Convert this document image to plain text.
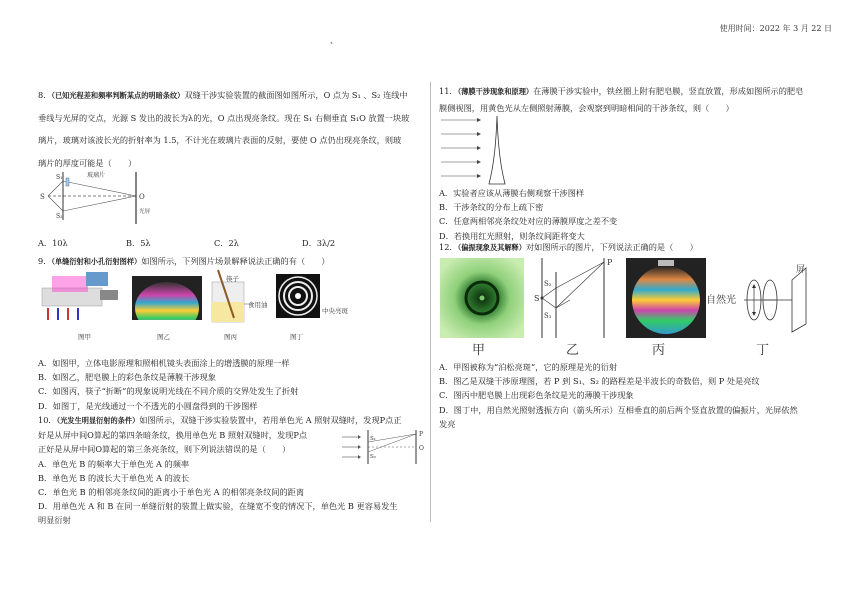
使用时间：2022 年 3 月 22 日
、
8．（已知光程差和频率判断某点的明暗条纹）双缝干涉实验装置的截面图如图所示，O 点为 S₁ 、S₂ 连线中
垂线与光屏的交点，光源 S 发出的波长为λ的光，O 点出现亮条纹。现在 S₁ 右侧垂直 S₁O 放置一块玻
璃片，玻璃对该波长光的折射率为 1.5，不计光在玻璃片表面的反射，要使 O 点仍出现亮条纹，则玻
璃片的厚度可能是（　　）
玻璃片
S₁
S
S₂
O
光屏
A．10λ	B．5λ	C．2λ	D．3λ/2
9．（单缝衍射和小孔衍射图样）如图所示，下列图片场景解释说法正确的有（　　）
图甲	图乙
筷子
食用油
图丙
中央亮斑
图丁
A．如图甲，立体电影原理和照相机镜头表面涂上的增透膜的原理一样
B．如图乙，肥皂膜上的彩色条纹是薄膜干涉现象
C．如图丙，筷子“折断”的现象说明光线在不同介质的交界处发生了折射
D．如图丁，是光线通过一个不透光的小圆盘得到的干涉图样
10．（光发生明显衍射的条件）如图所示，双缝干涉实验装置中，若用单色光 A 照射双缝时，发现P点正
好是从屏中间O算起的第四条暗条纹，换用单色光 B 照射双缝时，发现P点
正好是从屏中间O算起的第三条亮条纹，则下列说法错误的是（　　）
A．单色光 B 的频率大于单色光 A 的频率
B．单色光 B 的波长大于单色光 A 的波长
C．单色光 B 的相邻亮条纹间的距离小于单色光 A 的相邻亮条纹间的距离
D．用单色光 A 和 B 在同一单缝衍射的装置上做实验，在缝宽不变的情况下，单色光 B 更容易发生
明显衍射
S₁
S₂
P
O
11．（薄膜干涉现象和原理）在薄膜干涉实验中，铁丝圈上附有肥皂膜，竖直放置，形成如图所示的肥皂
膜侧视图，用黄色光从左侧照射薄膜，会观察到明暗相间的干涉条纹，则（　　）
A．实验者应该从薄膜右侧观察干涉图样
B．干涉条纹的分布上疏下密
C．任意两相邻亮条纹处对应的薄膜厚度之差不变
D．若换用红光照射，则条纹间距将变大
12．（偏振现象及其解释）对如图所示的图片，下列说法正确的是（　　）
甲
S₂
S
S₁
P
乙	丙
自然光
屏
丁
A．甲图被称为“泊松亮斑”，它的原理是光的衍射
B．图乙是双缝干涉原理图，若 P 到 S₁、S₂ 的路程差是半波长的奇数倍，则 P 处是亮纹
C．图丙中肥皂膜上出现彩色条纹是光的薄膜干涉现象
D．图丁中，用自然光照射透振方向（箭头所示）互相垂直的前后两个竖直放置的偏振片，光屏依然
发亮
